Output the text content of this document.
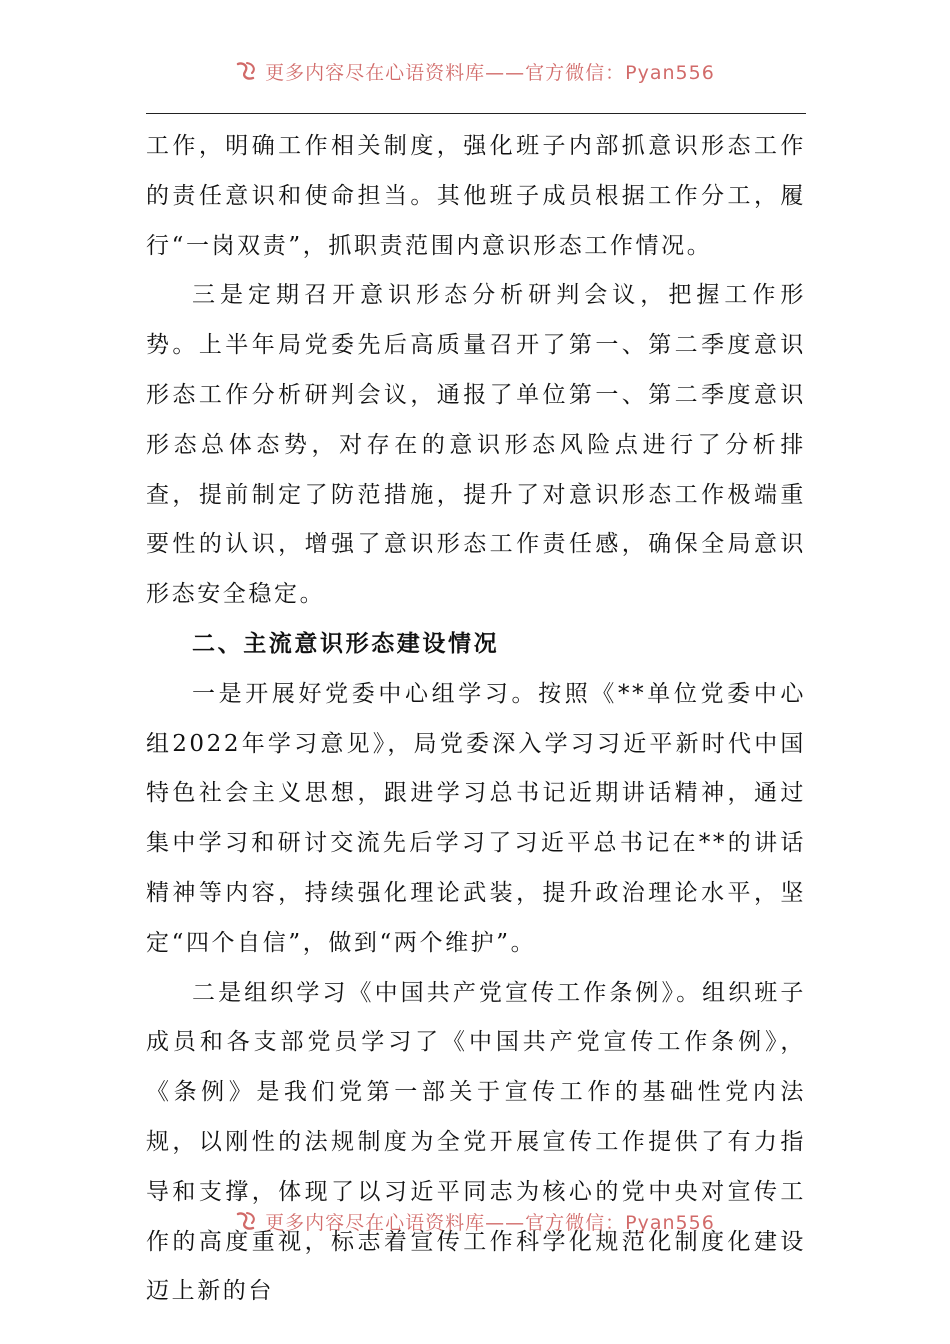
更多内容尽在心语资料库——官方微信：Pyan556

工作，明确工作相关制度，强化班子内部抓意识形态工作的责任意识和使命担当。其他班子成员根据工作分工，履行“一岗双责”，抓职责范围内意识形态工作情况。

三是定期召开意识形态分析研判会议，把握工作形势。上半年局党委先后高质量召开了第一、第二季度意识形态工作分析研判会议，通报了单位第一、第二季度意识形态总体态势，对存在的意识形态风险点进行了分析排查，提前制定了防范措施，提升了对意识形态工作极端重要性的认识，增强了意识形态工作责任感，确保全局意识形态安全稳定。

二、主流意识形态建设情况

一是开展好党委中心组学习。按照《**单位党委中心组2022年学习意见》，局党委深入学习习近平新时代中国特色社会主义思想，跟进学习总书记近期讲话精神，通过集中学习和研讨交流先后学习了习近平总书记在**的讲话精神等内容，持续强化理论武装，提升政治理论水平，坚定“四个自信”，做到“两个维护”。

二是组织学习《中国共产党宣传工作条例》。组织班子成员和各支部党员学习了《中国共产党宣传工作条例》，《条例》是我们党第一部关于宣传工作的基础性党内法规，以刚性的法规制度为全党开展宣传工作提供了有力指导和支撑，体现了以习近平同志为核心的党中央对宣传工作的高度重视，标志着宣传工作科学化规范化制度化建设迈上新的台

更多内容尽在心语资料库——官方微信：Pyan556
